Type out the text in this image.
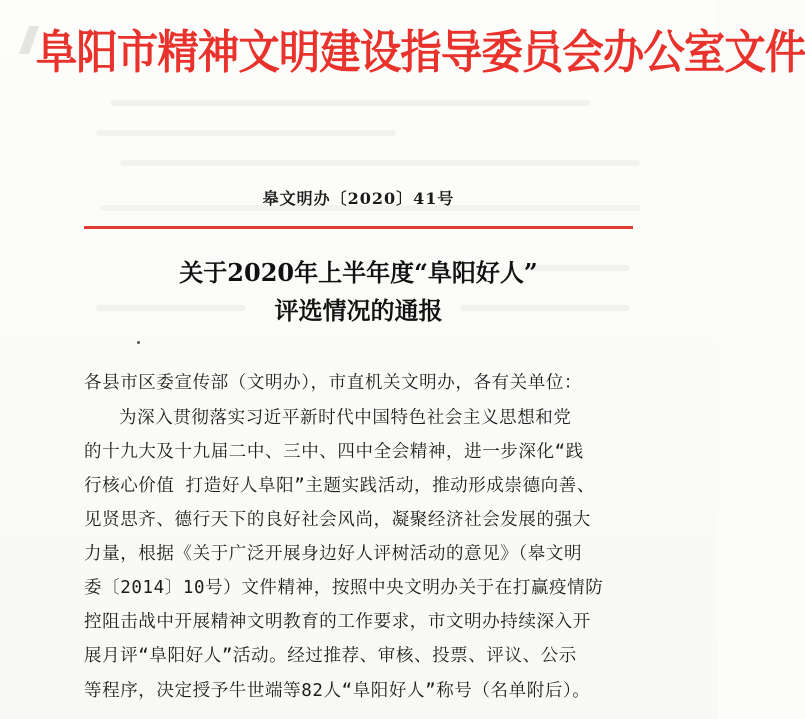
阜阳市精神文明建设指导委员会办公室文件
皋文明办〔2020〕41号
关于2020年上半年度“阜阳好人”
评选情况的通报
各县市区委宣传部（文明办），市直机关文明办，各有关单位：
为深入贯彻落实习近平新时代中国特色社会主义思想和党
的十九大及十九届二中、三中、四中全会精神，进一步深化“践
行核心价值 打造好人阜阳”主题实践活动，推动形成崇德向善、
见贤思齐、德行天下的良好社会风尚，凝聚经济社会发展的强大
力量，根据《关于广泛开展身边好人评树活动的意见》（皋文明
委〔2014〕10号）文件精神，按照中央文明办关于在打赢疫情防
控阻击战中开展精神文明教育的工作要求，市文明办持续深入开
展月评“阜阳好人”活动。经过推荐、审核、投票、评议、公示
等程序，决定授予牛世端等82人“阜阳好人”称号（名单附后）。
